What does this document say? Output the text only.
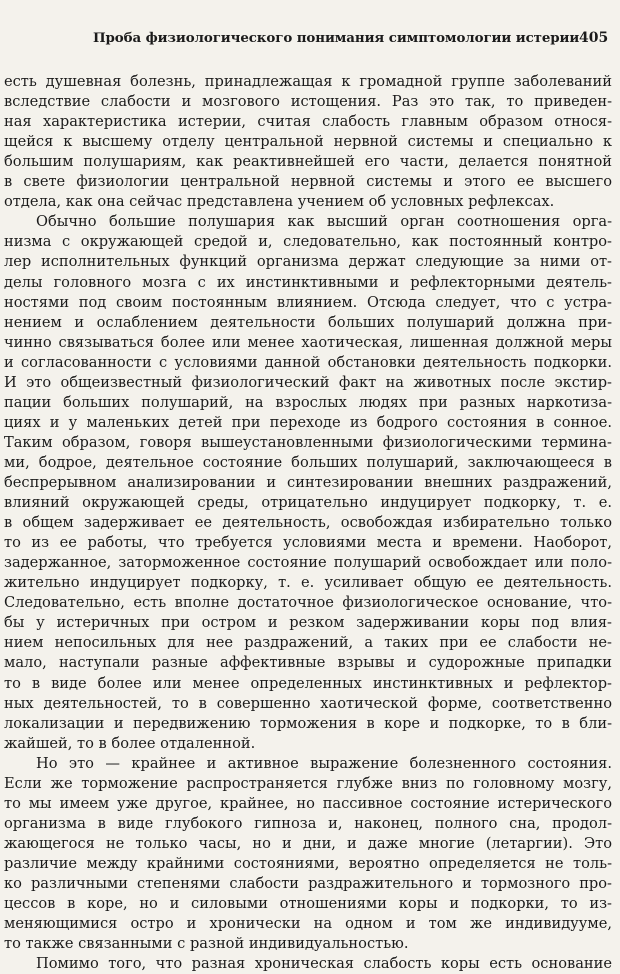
Проба физиологического понимания симптомологии истерии 405
есть душевная болезнь, принадлежащая к громадной группе заболеваний
вследствие слабости и мозгового истощения. Раз это так, то приведен-
ная характеристика истерии, считая слабость главным образом относя-
щейся к высшему отделу центральной нервной системы и специально к
большим полушариям, как реактивнейшей его части, делается понятной
в свете физиологии центральной нервной системы и этого ее высшего
отдела, как она сейчас представлена учением об условных рефлексах.
Обычно большие полушария как высший орган соотношения орга-
низма с окружающей средой и, следовательно, как постоянный контро-
лер исполнительных функций организма держат следующие за ними от-
делы головного мозга с их инстинктивными и рефлекторными деятель-
ностями под своим постоянным влиянием. Отсюда следует, что с устра-
нением и ослаблением деятельности больших полушарий должна при-
чинно связываться более или менее хаотическая, лишенная должной меры
и согласованности с условиями данной обстановки деятельность подкорки.
И это общеизвестный физиологический факт на животных после экстир-
пации больших полушарий, на взрослых людях при разных наркотиза-
циях и у маленьких детей при переходе из бодрого состояния в сонное.
Таким образом, говоря вышеустановленными физиологическими термина-
ми, бодрое, деятельное состояние больших полушарий, заключающееся в
беспрерывном анализировании и синтезировании внешних раздражений,
влияний окружающей среды, отрицательно индуцирует подкорку, т. е.
в общем задерживает ее деятельность, освобождая избирательно только
то из ее работы, что требуется условиями места и времени. Наоборот,
задержанное, заторможенное состояние полушарий освобождает или поло-
жительно индуцирует подкорку, т. е. усиливает общую ее деятельность.
Следовательно, есть вполне достаточное физиологическое основание, что-
бы у истеричных при остром и резком задерживании коры под влия-
нием непосильных для нее раздражений, а таких при ее слабости не-
мало, наступали разные аффективные взрывы и судорожные припадки
то в виде более или менее определенных инстинктивных и рефлектор-
ных деятельностей, то в совершенно хаотической форме, соответственно
локализации и передвижению торможения в коре и подкорке, то в бли-
жайшей, то в более отдаленной.
Но это — крайнее и активное выражение болезненного состояния.
Если же торможение распространяется глубже вниз по головному мозгу,
то мы имеем уже другое, крайнее, но пассивное состояние истерического
организма в виде глубокого гипноза и, наконец, полного сна, продол-
жающегося не только часы, но и дни, и даже многие (летаргии). Это
различие между крайними состояниями, вероятно определяется не толь-
ко различными степенями слабости раздражительного и тормозного про-
цессов в коре, но и силовыми отношениями коры и подкорки, то из-
меняющимися остро и хронически на одном и том же индивидууме,
то также связанными с разной индивидуальностью.
Помимо того, что разная хроническая слабость коры есть основание
